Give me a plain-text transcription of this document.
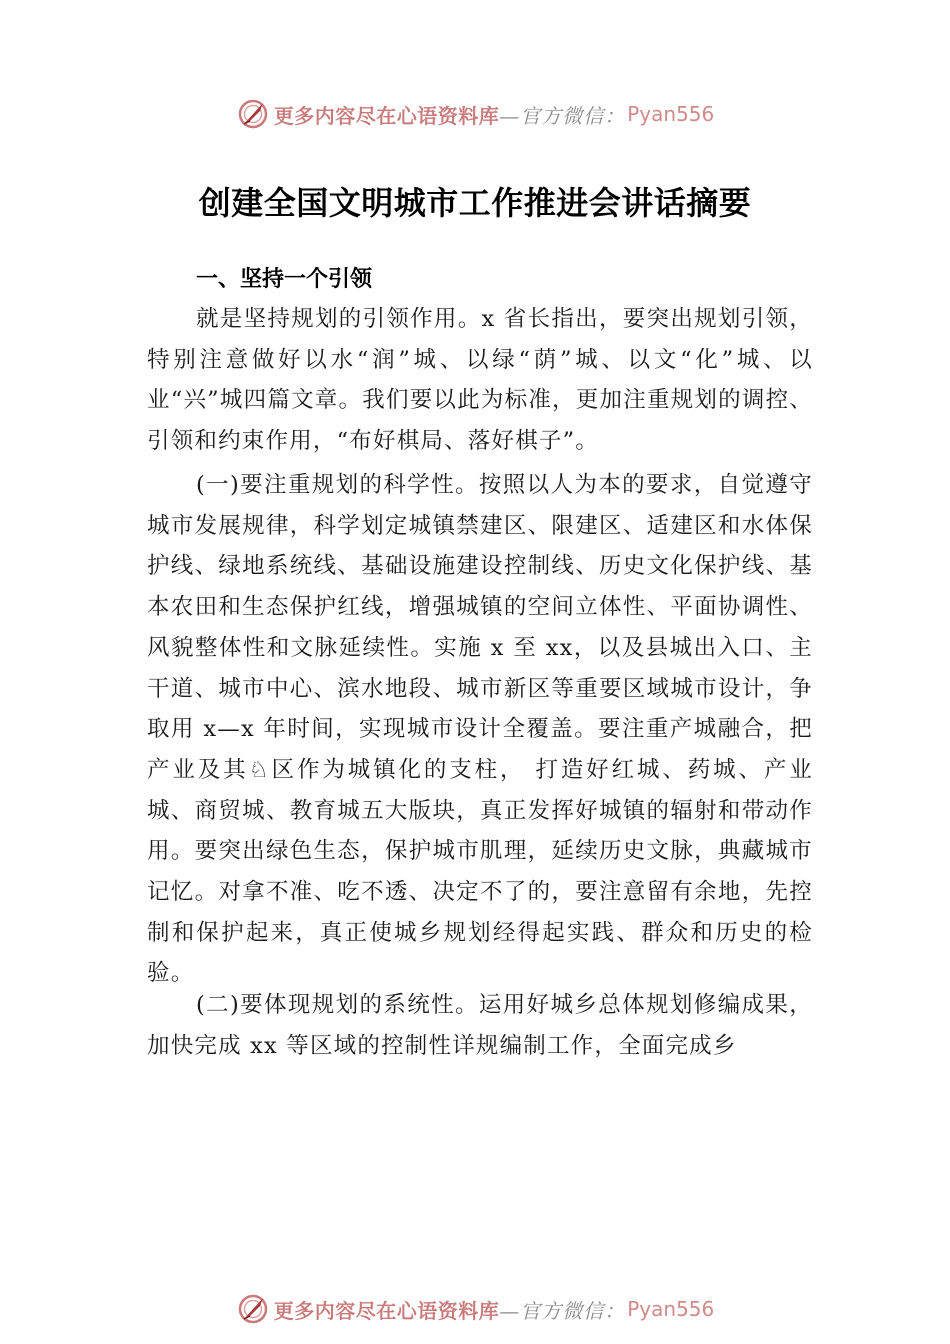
更多内容尽在心语资料库 —官方微信： Pyan556
创建全国文明城市工作推进会讲话摘要
一、坚持一个引领

就是坚持规划的引领作用。x 省长指出，要突出规划引领，特别注意做好以水“润”城、以绿“荫”城、以文“化”城、以业“兴”城四篇文章。我们要以此为标准，更加注重规划的调控、引领和约束作用，“布好棋局、落好棋子”。

(一)要注重规划的科学性。按照以人为本的要求，自觉遵守城市发展规律，科学划定城镇禁建区、限建区、适建区和水体保护线、绿地系统线、基础设施建设控制线、历史文化保护线、基本农田和生态保护红线，增强城镇的空间立体性、平面协调性、风貌整体性和文脉延续性。实施 x 至 xx，以及县城出入口、主干道、城市中心、滨水地段、城市新区等重要区域城市设计，争取用 x—x 年时间，实现城市设计全覆盖。要注重产城融合，把产业及其♘区作为城镇化的支柱， 打造好红城、药城、产业城、商贸城、教育城五大版块，真正发挥好城镇的辐射和带动作用。要突出绿色生态，保护城市肌理，延续历史文脉，典藏城市记忆。对拿不准、吃不透、决定不了的，要注意留有余地，先控制和保护起来，真正使城乡规划经得起实践、群众和历史的检验。

(二)要体现规划的系统性。运用好城乡总体规划修编成果，加快完成 xx 等区域的控制性详规编制工作，全面完成乡

更多内容尽在心语资料库 —官方微信： Pyan556
